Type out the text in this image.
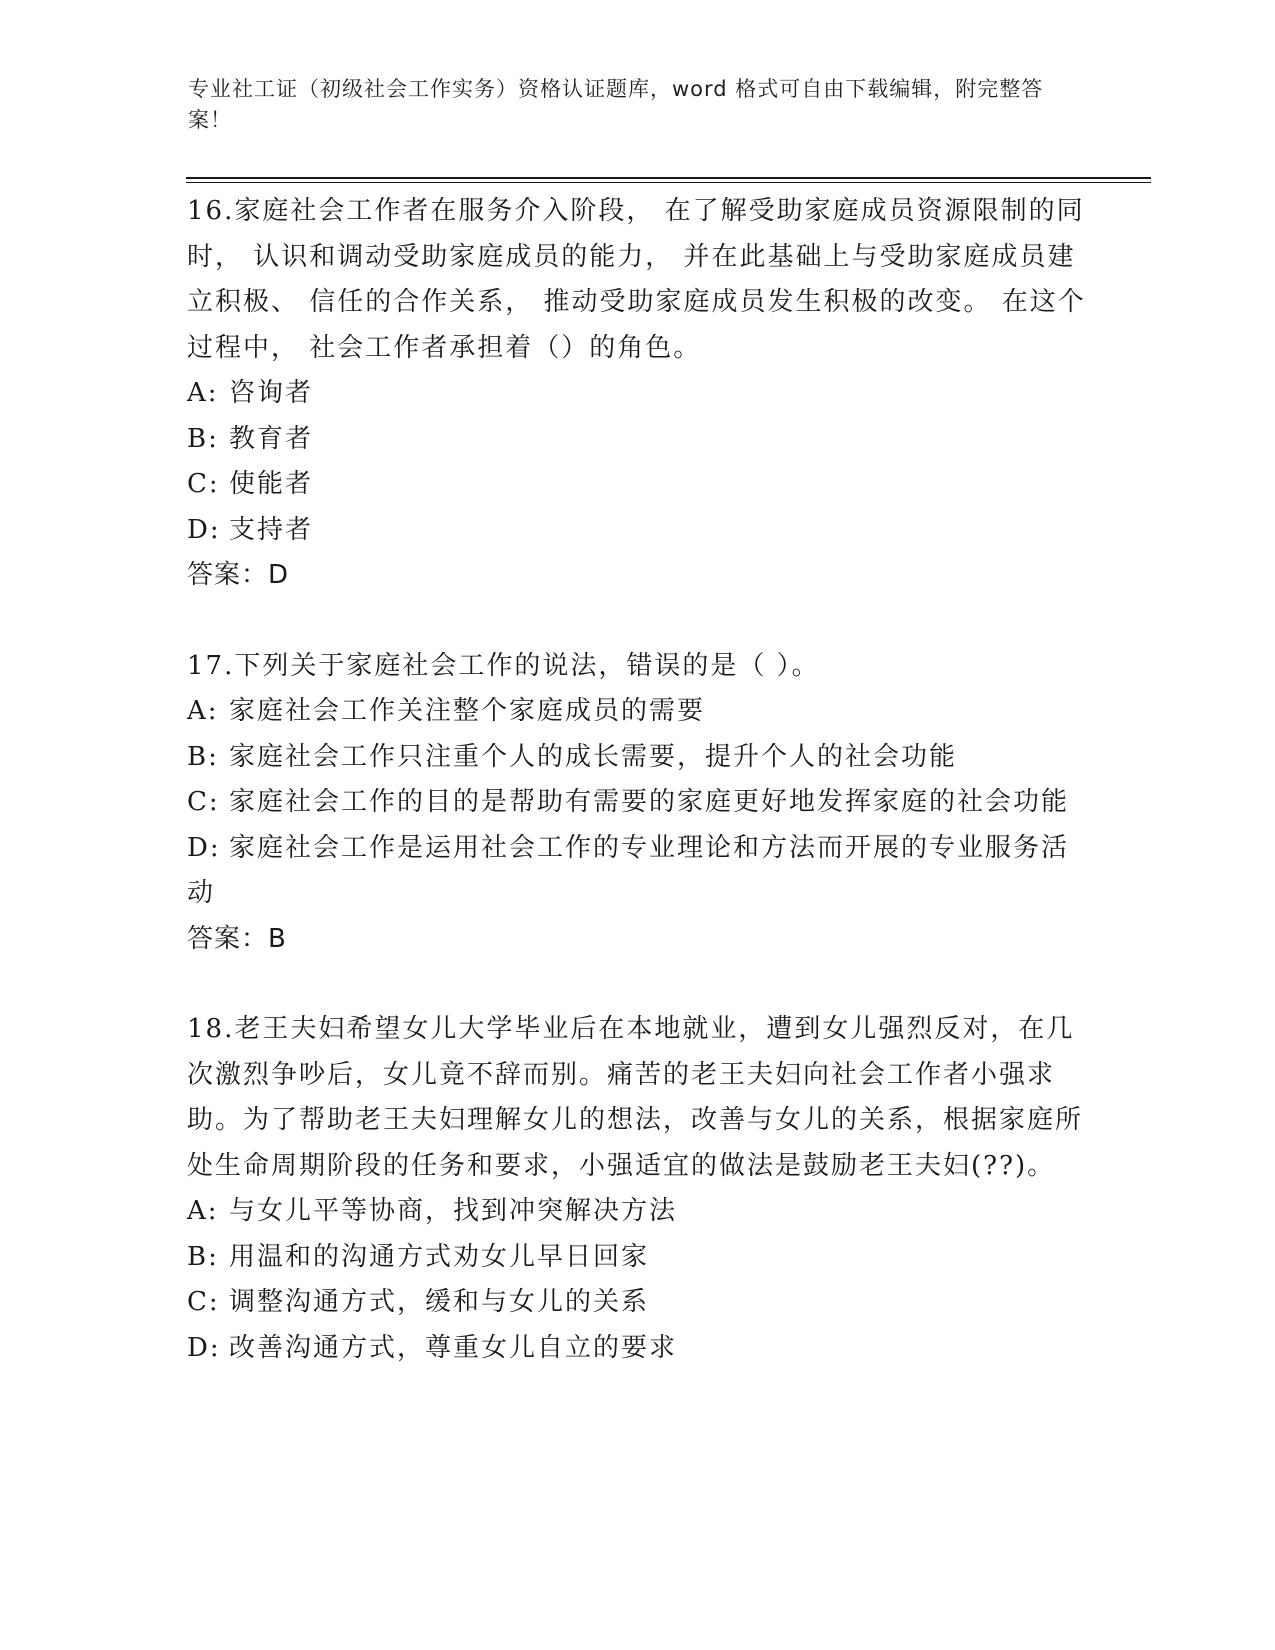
专业社工证（初级社会工作实务）资格认证题库，word 格式可自由下载编辑，附完整答案！

16.家庭社会工作者在服务介入阶段， 在了解受助家庭成员资源限制的同时， 认识和调动受助家庭成员的能力， 并在此基础上与受助家庭成员建立积极、 信任的合作关系， 推动受助家庭成员发生积极的改变。 在这个过程中， 社会工作者承担着（）的角色。

A: 咨询者

B: 教育者

C: 使能者

D: 支持者

答案：D

17.下列关于家庭社会工作的说法，错误的是（ ）。

A: 家庭社会工作关注整个家庭成员的需要

B: 家庭社会工作只注重个人的成长需要，提升个人的社会功能

C: 家庭社会工作的目的是帮助有需要的家庭更好地发挥家庭的社会功能

D: 家庭社会工作是运用社会工作的专业理论和方法而开展的专业服务活动

答案：B

18.老王夫妇希望女儿大学毕业后在本地就业，遭到女儿强烈反对，在几次激烈争吵后，女儿竟不辞而别。痛苦的老王夫妇向社会工作者小强求助。为了帮助老王夫妇理解女儿的想法，改善与女儿的关系，根据家庭所处生命周期阶段的任务和要求，小强适宜的做法是鼓励老王夫妇(??)。

A: 与女儿平等协商，找到冲突解决方法

B: 用温和的沟通方式劝女儿早日回家

C: 调整沟通方式，缓和与女儿的关系

D: 改善沟通方式，尊重女儿自立的要求
